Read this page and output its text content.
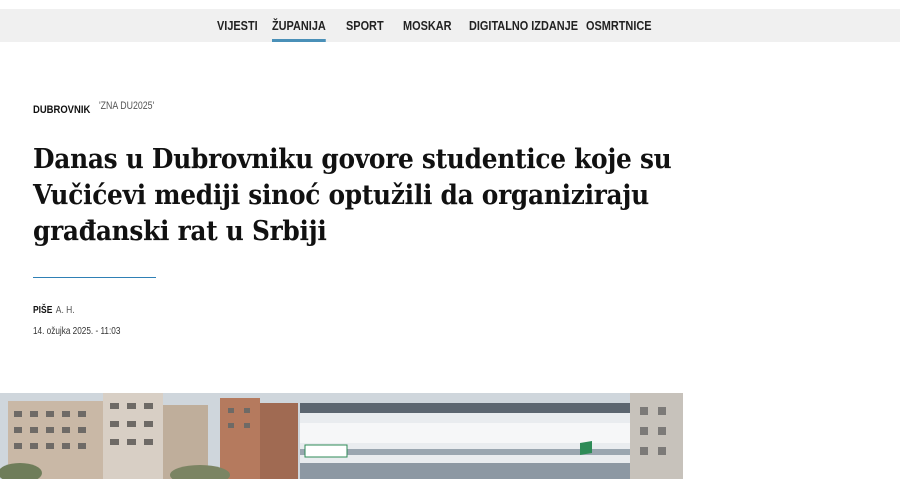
VIJESTI ŽUPANIJA SPORT MOSKAR DIGITALNO IZDANJE OSMRTNICE
DUBROVNIK 'ZNA DU2025'
Danas u Dubrovniku govore studentice koje su Vučićevi mediji sinoć optužili da organiziraju građanski rat u Srbiji
PIŠE A. H.
14. ožujka 2025. - 11:03
